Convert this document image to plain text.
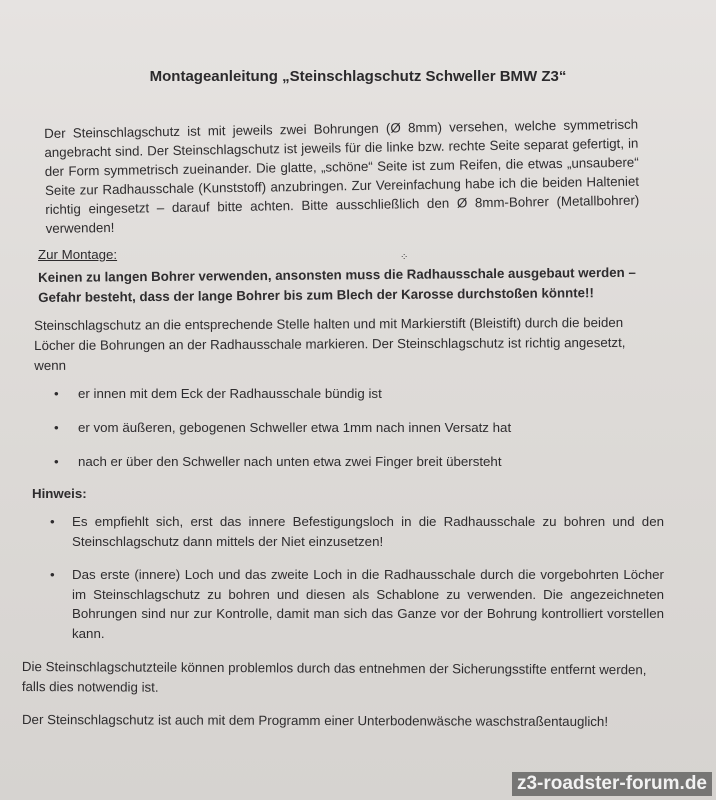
Montageanleitung „Steinschlagschutz Schweller BMW Z3“
Der Steinschlagschutz ist mit jeweils zwei Bohrungen (Ø 8mm) versehen, welche symmetrisch angebracht sind. Der Steinschlagschutz ist jeweils für die linke bzw. rechte Seite separat gefertigt, in der Form symmetrisch zueinander. Die glatte, „schöne“ Seite ist zum Reifen, die etwas „unsaubere“ Seite zur Radhausschale (Kunststoff) anzubringen. Zur Vereinfachung habe ich die beiden Halteniet richtig eingesetzt – darauf bitte achten. Bitte ausschließlich den Ø 8mm-Bohrer (Metallbohrer) verwenden!
Zur Montage:	⁘
Keinen zu langen Bohrer verwenden, ansonsten muss die Radhausschale ausgebaut werden – Gefahr besteht, dass der lange Bohrer bis zum Blech der Karosse durchstoßen könnte!!
Steinschlagschutz an die entsprechende Stelle halten und mit Markierstift (Bleistift) durch die beiden Löcher die Bohrungen an der Radhausschale markieren. Der Steinschlagschutz ist richtig angesetzt, wenn
• er innen mit dem Eck der Radhausschale bündig ist
• er vom äußeren, gebogenen Schweller etwa 1mm nach innen Versatz hat
• nach er über den Schweller nach unten etwa zwei Finger breit übersteht
Hinweis:
• Es empfiehlt sich, erst das innere Befestigungsloch in die Radhausschale zu bohren und den Steinschlagschutz dann mittels der Niet einzusetzen!
• Das erste (innere) Loch und das zweite Loch in die Radhausschale durch die vorgebohrten Löcher im Steinschlagschutz zu bohren und diesen als Schablone zu verwenden. Die angezeichneten Bohrungen sind nur zur Kontrolle, damit man sich das Ganze vor der Bohrung kontrolliert vorstellen kann.
Die Steinschlagschutzteile können problemlos durch das entnehmen der Sicherungsstifte entfernt werden, falls dies notwendig ist.
Der Steinschlagschutz ist auch mit dem Programm einer Unterbodenwäsche waschstraßentauglich!
z3-roadster-forum.de
